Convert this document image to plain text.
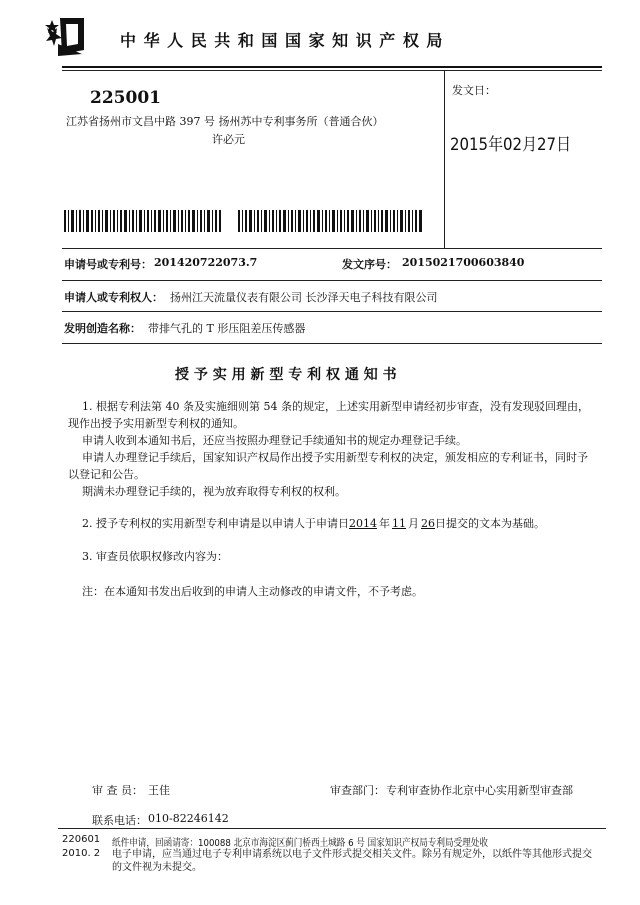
中 华 人 民 共 和 国 国 家 知 识 产 权 局
225001
江苏省扬州市文昌中路 397 号 扬州苏中专利事务所（普通合伙）
许必元
发文日：
2015年02月27日
申请号或专利号： 201420722073.7	发文序号： 2015021700603840
申请人或专利权人： 扬州江天流量仪表有限公司 长沙泽天电子科技有限公司
发明创造名称： 带排气孔的 T 形压阻差压传感器
授 予 实 用 新 型 专 利 权 通 知 书

1. 根据专利法第 40 条及实施细则第 54 条的规定，上述实用新型申请经初步审查，没有发现驳回理由，现作出授予实用新型专利权的通知。

申请人收到本通知书后，还应当按照办理登记手续通知书的规定办理登记手续。

申请人办理登记手续后，国家知识产权局作出授予实用新型专利权的决定，颁发相应的专利证书，同时予以登记和公告。

期满未办理登记手续的，视为放弃取得专利权的权利。

2. 授予专利权的实用新型专利申请是以申请人于申请日2014 年 11 月 26日提交的文本为基础。

3. 审查员依职权修改内容为：

注：在本通知书发出后收到的申请人主动修改的申请文件，不予考虑。

审 查 员： 王佳	审查部门： 专利审查协作北京中心实用新型审查部
联系电话： 010-82246142
220601
2010. 2
纸件申请，回函请寄：100088 北京市海淀区蓟门桥西土城路 6 号 国家知识产权局专利局受理处收
电子申请，应当通过电子专利申请系统以电子文件形式提交相关文件。除另有规定外，以纸件等其他形式提交的文件视为未提交。
